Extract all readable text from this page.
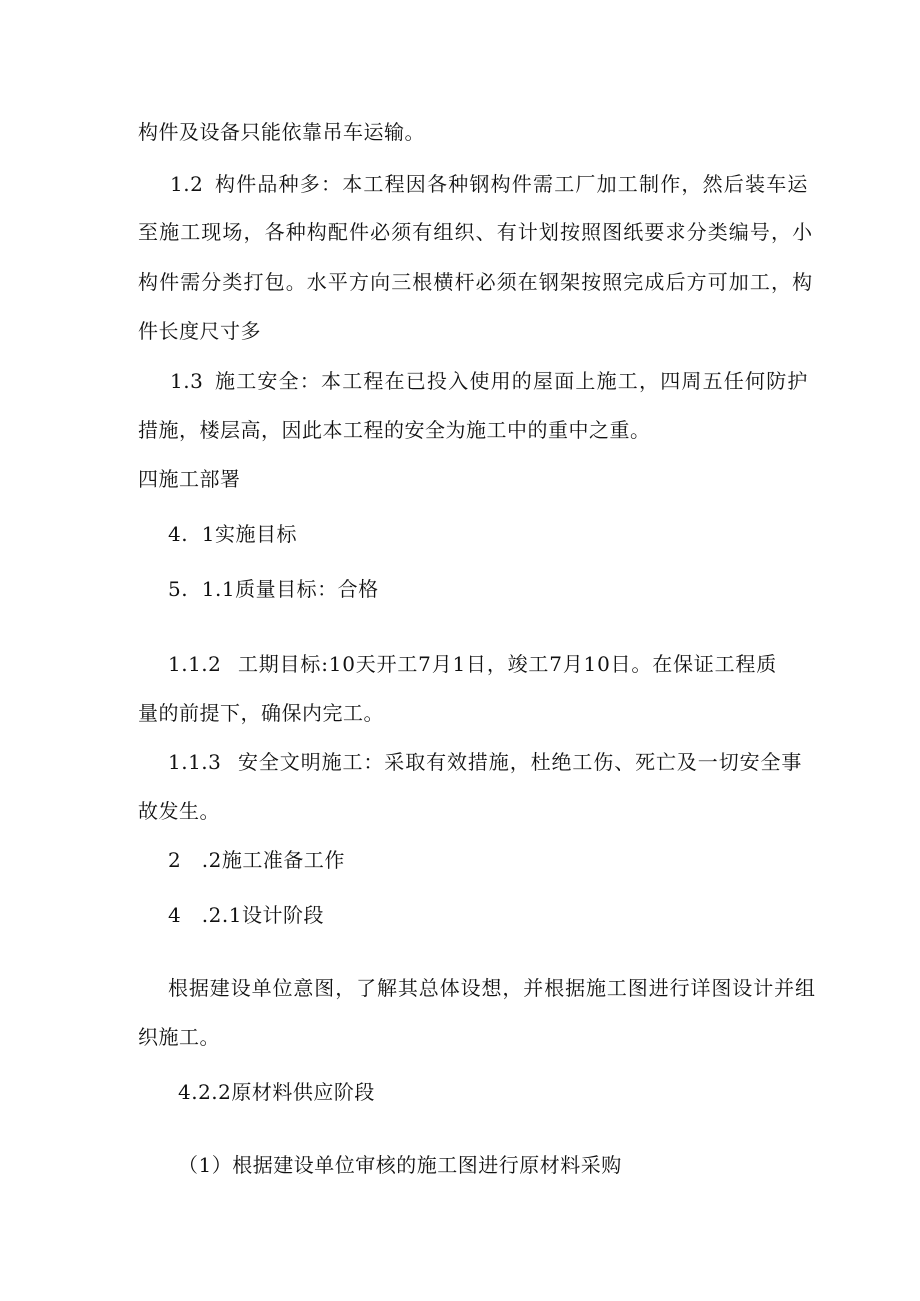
构件及设备只能依靠吊车运输。
1.2 构件品种多：本工程因各种钢构件需工厂加工制作，然后装车运
至施工现场，各种构配件必须有组织、有计划按照图纸要求分类编号，小
构件需分类打包。水平方向三根横杆必须在钢架按照完成后方可加工，构
件长度尺寸多
1.3 施工安全：本工程在已投入使用的屋面上施工，四周五任何防护
措施，楼层高，因此本工程的安全为施工中的重中之重。
四施工部署
4.  1实施目标
5.  1.1质量目标：合格
1.1.2 工期目标:10天开工7月1日，竣工7月10日。在保证工程质
量的前提下，确保内完工。
1.1.3 安全文明施工：采取有效措施，杜绝工伤、死亡及一切安全事
故发生。
2   .2施工准备工作
4   .2.1设计阶段
根据建设单位意图，了解其总体设想，并根据施工图进行详图设计并组
织施工。
4.2.2原材料供应阶段
（1）根据建设单位审核的施工图进行原材料采购
